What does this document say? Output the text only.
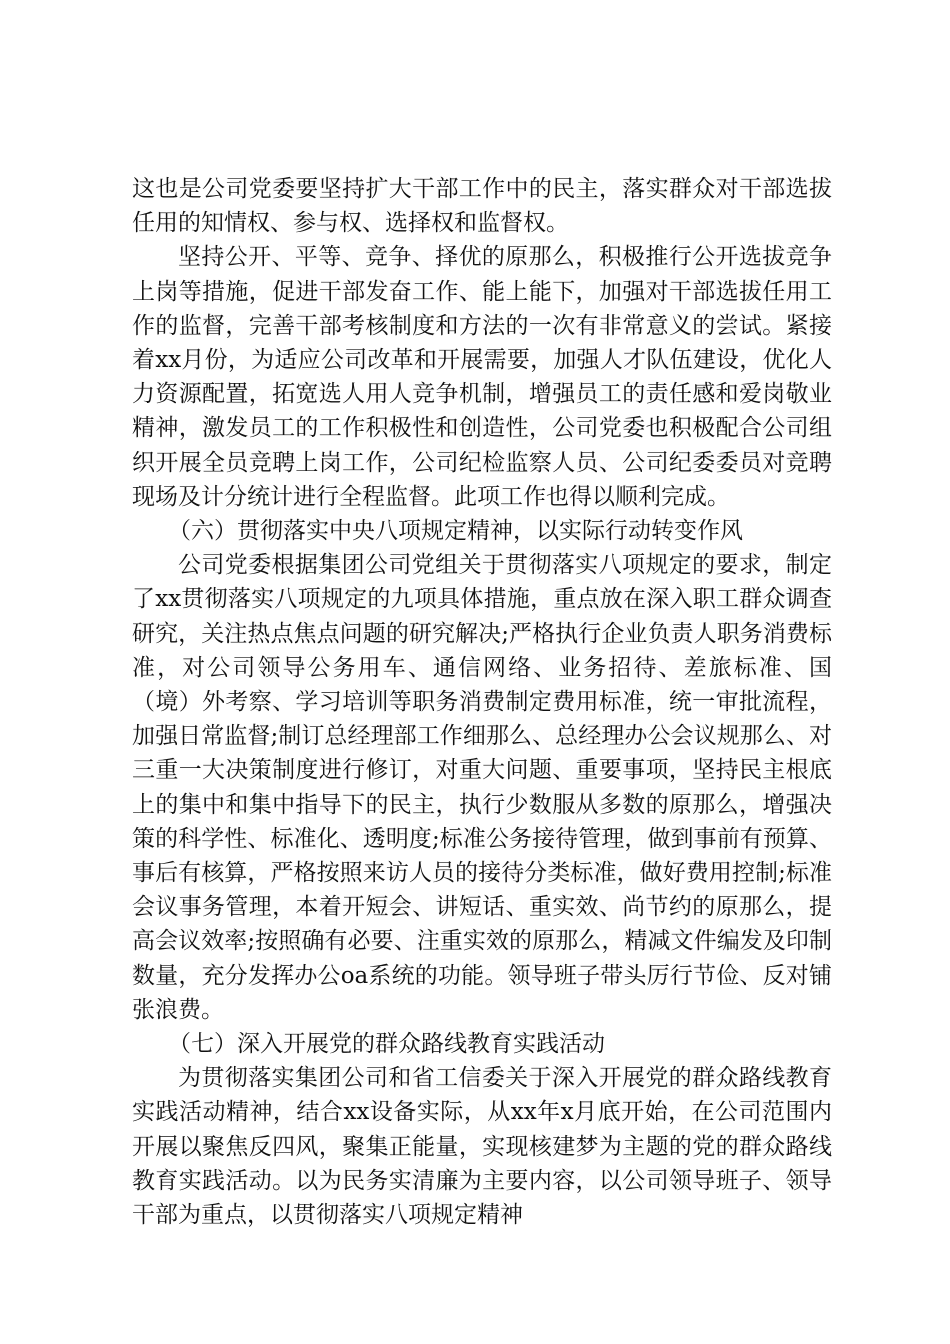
这也是公司党委要坚持扩大干部工作中的民主，落实群众对干部选拔任用的知情权、参与权、选择权和监督权。

坚持公开、平等、竞争、择优的原那么，积极推行公开选拔竞争上岗等措施，促进干部发奋工作、能上能下，加强对干部选拔任用工作的监督，完善干部考核制度和方法的一次有非常意义的尝试。紧接着xx月份，为适应公司改革和开展需要，加强人才队伍建设，优化人力资源配置，拓宽选人用人竞争机制，增强员工的责任感和爱岗敬业精神，激发员工的工作积极性和创造性，公司党委也积极配合公司组织开展全员竞聘上岗工作，公司纪检监察人员、公司纪委委员对竞聘现场及计分统计进行全程监督。此项工作也得以顺利完成。

（六）贯彻落实中央八项规定精神，以实际行动转变作风

公司党委根据集团公司党组关于贯彻落实八项规定的要求，制定了xx贯彻落实八项规定的九项具体措施，重点放在深入职工群众调查研究，关注热点焦点问题的研究解决;严格执行企业负责人职务消费标准，对公司领导公务用车、通信网络、业务招待、差旅标准、国（境）外考察、学习培训等职务消费制定费用标准，统一审批流程，加强日常监督;制订总经理部工作细那么、总经理办公会议规那么、对三重一大决策制度进行修订，对重大问题、重要事项，坚持民主根底上的集中和集中指导下的民主，执行少数服从多数的原那么，增强决策的科学性、标准化、透明度;标准公务接待管理，做到事前有预算、事后有核算，严格按照来访人员的接待分类标准，做好费用控制;标准会议事务管理，本着开短会、讲短话、重实效、尚节约的原那么，提高会议效率;按照确有必要、注重实效的原那么，精减文件编发及印制数量，充分发挥办公oa系统的功能。领导班子带头厉行节俭、反对铺张浪费。

（七）深入开展党的群众路线教育实践活动

为贯彻落实集团公司和省工信委关于深入开展党的群众路线教育实践活动精神，结合xx设备实际，从xx年x月底开始，在公司范围内开展以聚焦反四风，聚集正能量，实现核建梦为主题的党的群众路线教育实践活动。以为民务实清廉为主要内容，以公司领导班子、领导干部为重点，以贯彻落实八项规定精神
